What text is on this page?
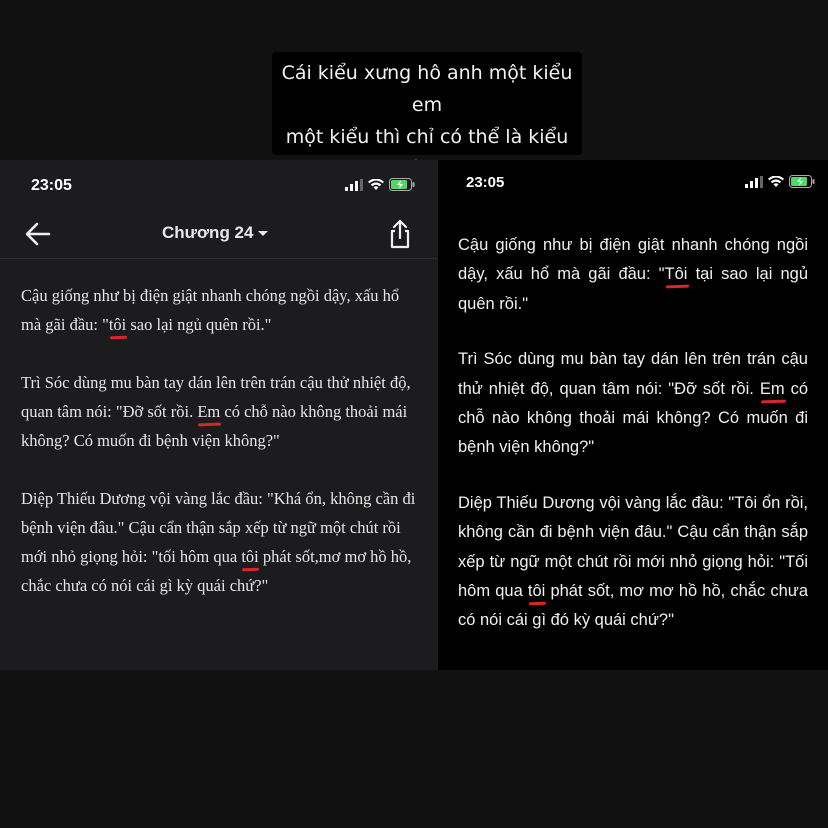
Cái kiểu xưng hô anh một kiểu em
một kiểu thì chỉ có thể là kiểu
23:05
Chương 24

Cậu giống như bị điện giật nhanh chóng ngồi dậy, xấu hổ mà gãi đầu: "tôi sao lại ngủ quên rồi."

Trì Sóc dùng mu bàn tay dán lên trên trán cậu thử nhiệt độ, quan tâm nói: "Đỡ sốt rồi. Em có chỗ nào không thoải mái không? Có muốn đi bệnh viện không?"

Diệp Thiếu Dương vội vàng lắc đầu: "Khá ổn, không cần đi bệnh viện đâu." Cậu cẩn thận sắp xếp từ ngữ một chút rồi mới nhỏ giọng hỏi: "tối hôm qua tôi phát sốt,mơ mơ hồ hồ, chắc chưa có nói cái gì kỳ quái chứ?"

23:05

Cậu giống như bị điện giật nhanh chóng ngồi dậy, xấu hổ mà gãi đầu: "Tôi tại sao lại ngủ quên rồi."

Trì Sóc dùng mu bàn tay dán lên trên trán cậu thử nhiệt độ, quan tâm nói: "Đỡ sốt rồi. Em có chỗ nào không thoải mái không? Có muốn đi bệnh viện không?"

Diệp Thiếu Dương vội vàng lắc đầu: "Tôi ổn rồi, không cần đi bệnh viện đâu." Cậu cẩn thận sắp xếp từ ngữ một chút rồi mới nhỏ giọng hỏi: "Tối hôm qua tôi phát sốt, mơ mơ hồ hồ, chắc chưa có nói cái gì đó kỳ quái chứ?"
